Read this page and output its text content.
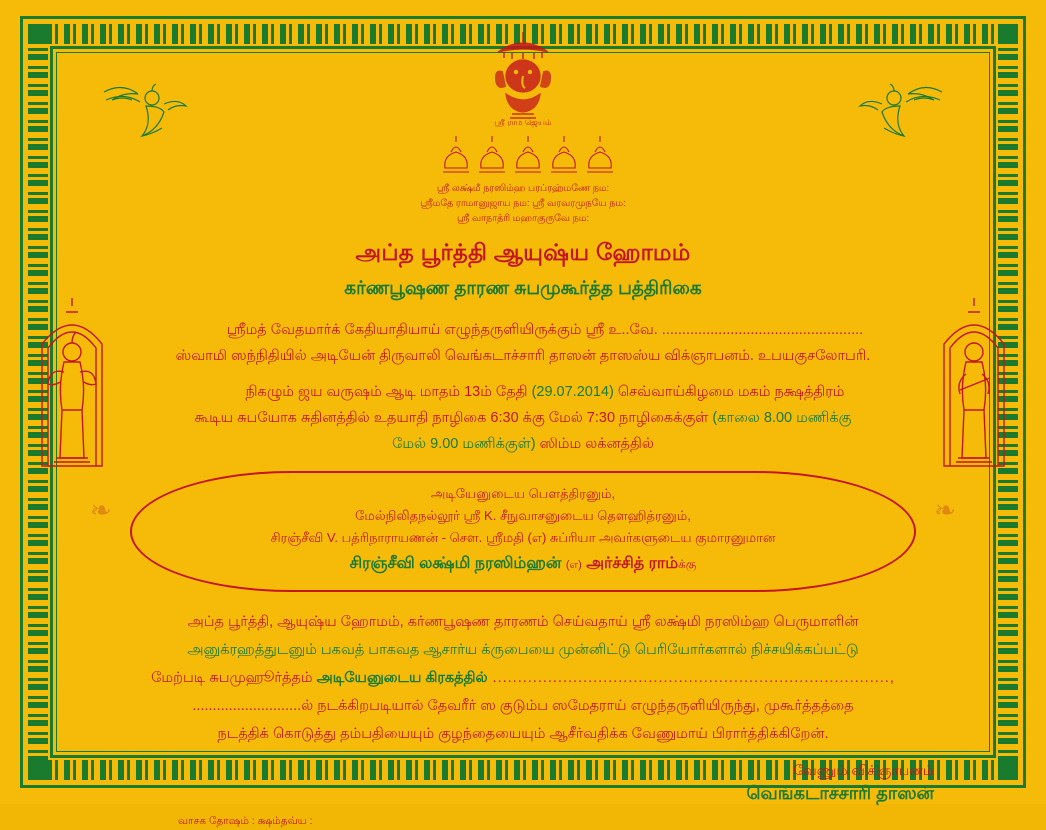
ஸ்ரீ ராம ஜெயம்
ஸ்ரீ லக்ஷ்மீ நரஸிம்ஹ பரப்ரஹ்மணே நம:
ஸ்ரீமதே ராமானுஜாய நம: ஸ்ரீ வரவரமுநயே நம:
ஸ்ரீ வாநாத்ரி மஹாகுருவே நம:
அப்த பூர்த்தி ஆயுஷ்ய ஹோமம்
கர்ணபூஷண தாரண சுபமுகூர்த்த பத்திரிகை
ஸ்ரீமத் வேதமார்க் கேதியாதியாய் எழுந்தருளியிருக்கும் ஸ்ரீ உ..வே. ..................................................
ஸ்வாமி ஸந்நிதியில் அடியேன் திருவாலி வெங்கடாச்சாரி தாஸன் தாஸஸ்ய விக்ஞாபனம். உபயகுசலோபரி.
நிகழும் ஜய வருஷம் ஆடி மாதம் 13ம் தேதி (29.07.2014) செவ்வாய்கிழமை மகம் நக்ஷத்திரம்
கூடிய சுபயோக சுதினத்தில் உதயாதி நாழிகை 6:30 க்கு மேல் 7:30 நாழிகைக்குள் (காலை 8.00 மணிக்கு
மேல் 9.00 மணிக்குள்) ஸிம்ம லக்னத்தில்
❧	❧
அடியேனுடைய பௌத்திரனும்,
மேல்நிலிதநல்லூர் ஸ்ரீ K. சீநுவாசனுடைய தௌஹித்ரனும்,
சிரஞ்சீவி V. பத்ரிநாராயணன் - சௌ. ஸ்ரீமதி (எ) சுப்ரியா அவர்களுடைய குமாரனுமான
சிரஞ்சீவி லக்ஷ்மி நரஸிம்ஹன் (எ) அர்ச்சித் ராம்க்கு
அப்த பூர்த்தி, ஆயுஷ்ய ஹோமம், கர்ணபூஷண தாரணம் செய்வதாய் ஸ்ரீ லக்ஷ்மி நரஸிம்ஹ பெருமாளின்
அனுக்ரஹத்துடனும் பகவத் பாகவத ஆசார்ய க்ருபையை முன்னிட்டு பெரியோர்களால் நிச்சயிக்கப்பட்டு
மேற்படி சுபமுஹூர்த்தம் அடியேனுடைய கிரகத்தில் ...............................................................................,
...........................ல் நடக்கிறபடியால் தேவரீர் ஸ குடும்ப ஸமேதராய் எழுந்தருளியிருந்து, முகூர்த்தத்தை
நடத்திக் கொடுத்து தம்பதியையும் குழந்தையையும் ஆசீர்வதிக்க வேணுமாய் பிரார்த்திக்கிறேன்.
வேணும் விக்ஞாபனம்
வெங்கடாச்சாரி தாஸன்
வாசக தோஷம் : க்ஷம்தவ்ய :
